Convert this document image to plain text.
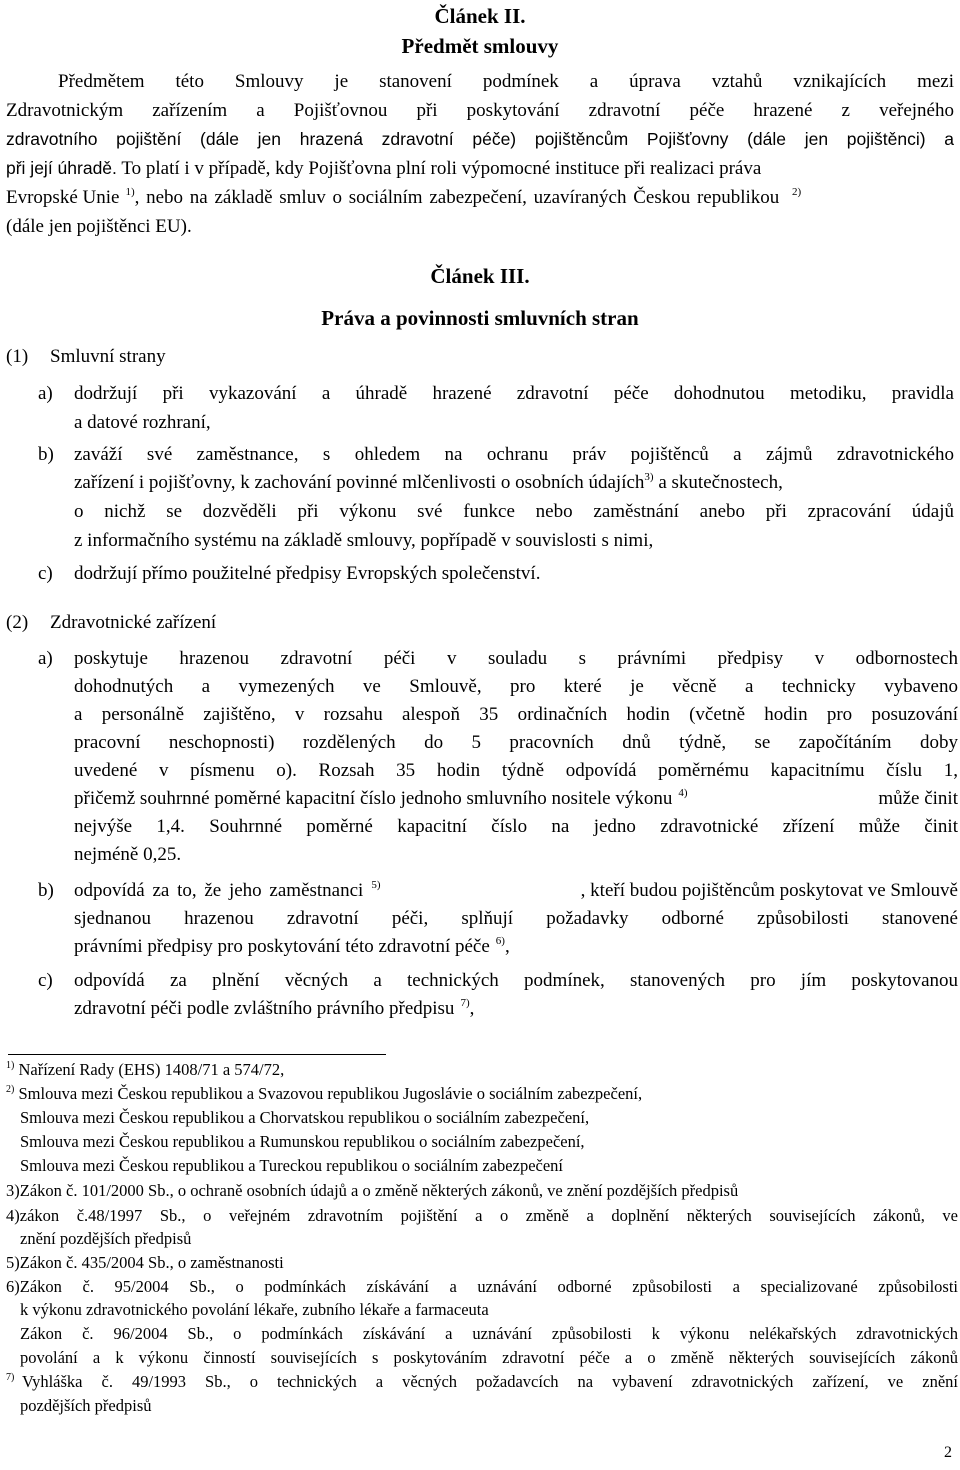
Článek II.
Předmět smlouvy
Předmětem této Smlouvy je stanovení podmínek a úprava vztahů vznikajících mezi
Zdravotnickým zařízením a Pojišťovnou při poskytování zdravotní péče hrazené z veřejného
zdravotního pojištění (dále jen hrazená zdravotní péče) pojištěncům Pojišťovny (dále jen pojištěnci) a
při její úhradě. To platí i v případě, kdy Pojišťovna plní roli výpomocné instituce při realizaci práva
Evropské Unie $^{1)}$, nebo na základě smluv o sociálním zabezpečení, uzavíraných Českou republikou $^{2)}$
(dále jen pojištěnci EU).
Článek III.
Práva a povinnosti smluvních stran
(1) Smluvní strany
a) dodržují při vykazování a úhradě hrazené zdravotní péče dohodnutou metodiku, pravidla
a datové rozhraní,
b) zaváží své zaměstnance, s ohledem na ochranu práv pojištěnců a zájmů zdravotnického
zařízení i pojišťovny, k zachování povinné mlčenlivosti o osobních údajích$^{3)}$ a skutečnostech,
o nichž se dozvěděli při výkonu své funkce nebo zaměstnání anebo při zpracování údajů
z informačního systému na základě smlouvy, popřípadě v souvislosti s nimi,
c) dodržují přímo použitelné předpisy Evropských společenství.
(2) Zdravotnické zařízení
a) poskytuje hrazenou zdravotní péči v souladu s právními předpisy v odbornostech
dohodnutých a vymezených ve Smlouvě, pro které je věcně a technicky vybaveno
a personálně zajištěno, v rozsahu alespoň 35 ordinačních hodin (včetně hodin pro posuzování
pracovní neschopnosti) rozdělených do 5 pracovních dnů týdně, se započítáním doby
uvedené v písmenu o). Rozsah 35 hodin týdně odpovídá poměrnému kapacitnímu číslu 1,
přičemž souhrnné poměrné kapacitní číslo jednoho smluvního nositele výkonu $^{4)}$	může činit
nejvýše 1,4. Souhrnné poměrné kapacitní číslo na jedno zdravotnické zřízení může činit
nejméně 0,25.
b) odpovídá za to, že jeho zaměstnanci $^{5)}$	, kteří budou pojištěncům poskytovat ve Smlouvě
sjednanou hrazenou zdravotní péči, splňují požadavky odborné způsobilosti stanovené
právními předpisy pro poskytování této zdravotní péče $^{6)}$,
c) odpovídá za plnění věcných a technických podmínek, stanovených pro jím poskytovanou
zdravotní péči podle zvláštního právního předpisu $^{7)}$,
$^{1)}$ Nařízení Rady (EHS) 1408/71 a 574/72,
$^{2)}$ Smlouva mezi Českou republikou a Svazovou republikou Jugoslávie o sociálním zabezpečení,
Smlouva mezi Českou republikou a Chorvatskou republikou o sociálním zabezpečení,
Smlouva mezi Českou republikou a Rumunskou republikou o sociálním zabezpečení,
Smlouva mezi Českou republikou a Tureckou republikou o sociálním zabezpečení
3)Zákon č. 101/2000 Sb., o ochraně osobních údajů a o změně některých zákonů, ve znění pozdějších předpisů
4)zákon č.48/1997 Sb., o veřejném zdravotním pojištění a o změně a doplnění některých souvisejících zákonů, ve
znění pozdějších předpisů
5)Zákon č. 435/2004 Sb., o zaměstnanosti
6)Zákon č. 95/2004 Sb., o podmínkách získávání a uznávání odborné způsobilosti a specializované způsobilosti
k výkonu zdravotnického povolání lékaře, zubního lékaře a farmaceuta
Zákon č. 96/2004 Sb., o podmínkách získávání a uznávání způsobilosti k výkonu nelékařských zdravotnických
povolání a k výkonu činností souvisejících s poskytováním zdravotní péče a o změně některých souvisejících zákonů
$^{7)}$ Vyhláška č. 49/1993 Sb., o technických a věcných požadavcích na vybavení zdravotnických zařízení, ve znění
pozdějších předpisů
2
